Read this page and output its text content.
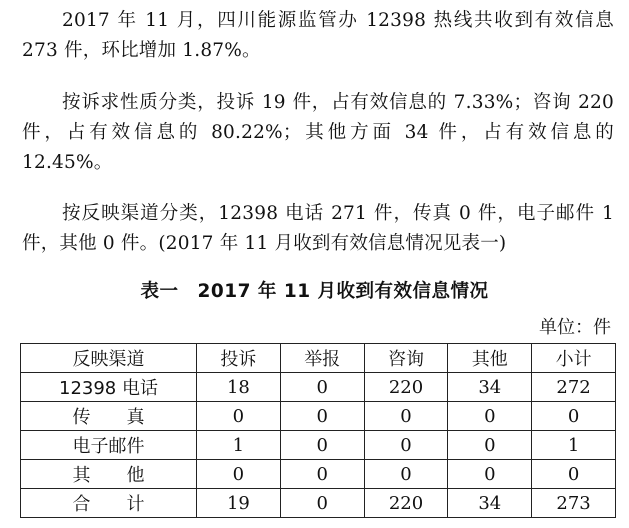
2017 年 11 月，四川能源监管办 12398 热线共收到有效信息 273 件，环比增加 1.87%。

按诉求性质分类，投诉 19 件，占有效信息的 7.33%；咨询 220 件，占有效信息的 80.22%；其他方面 34 件，占有效信息的 12.45%。

按反映渠道分类，12398 电话 271 件，传真 0 件，电子邮件 1 件，其他 0 件。(2017 年 11 月收到有效信息情况见表一)

表一　2017 年 11 月收到有效信息情况
单位：件
反映渠道	投诉	举报	咨询	其他	小计
12398 电话	18	0	220	34	272
传　　真	0	0	0	0	0
电子邮件	1	0	0	0	1
其　　他	0	0	0	0	0
合　　计	19	0	220	34	273
